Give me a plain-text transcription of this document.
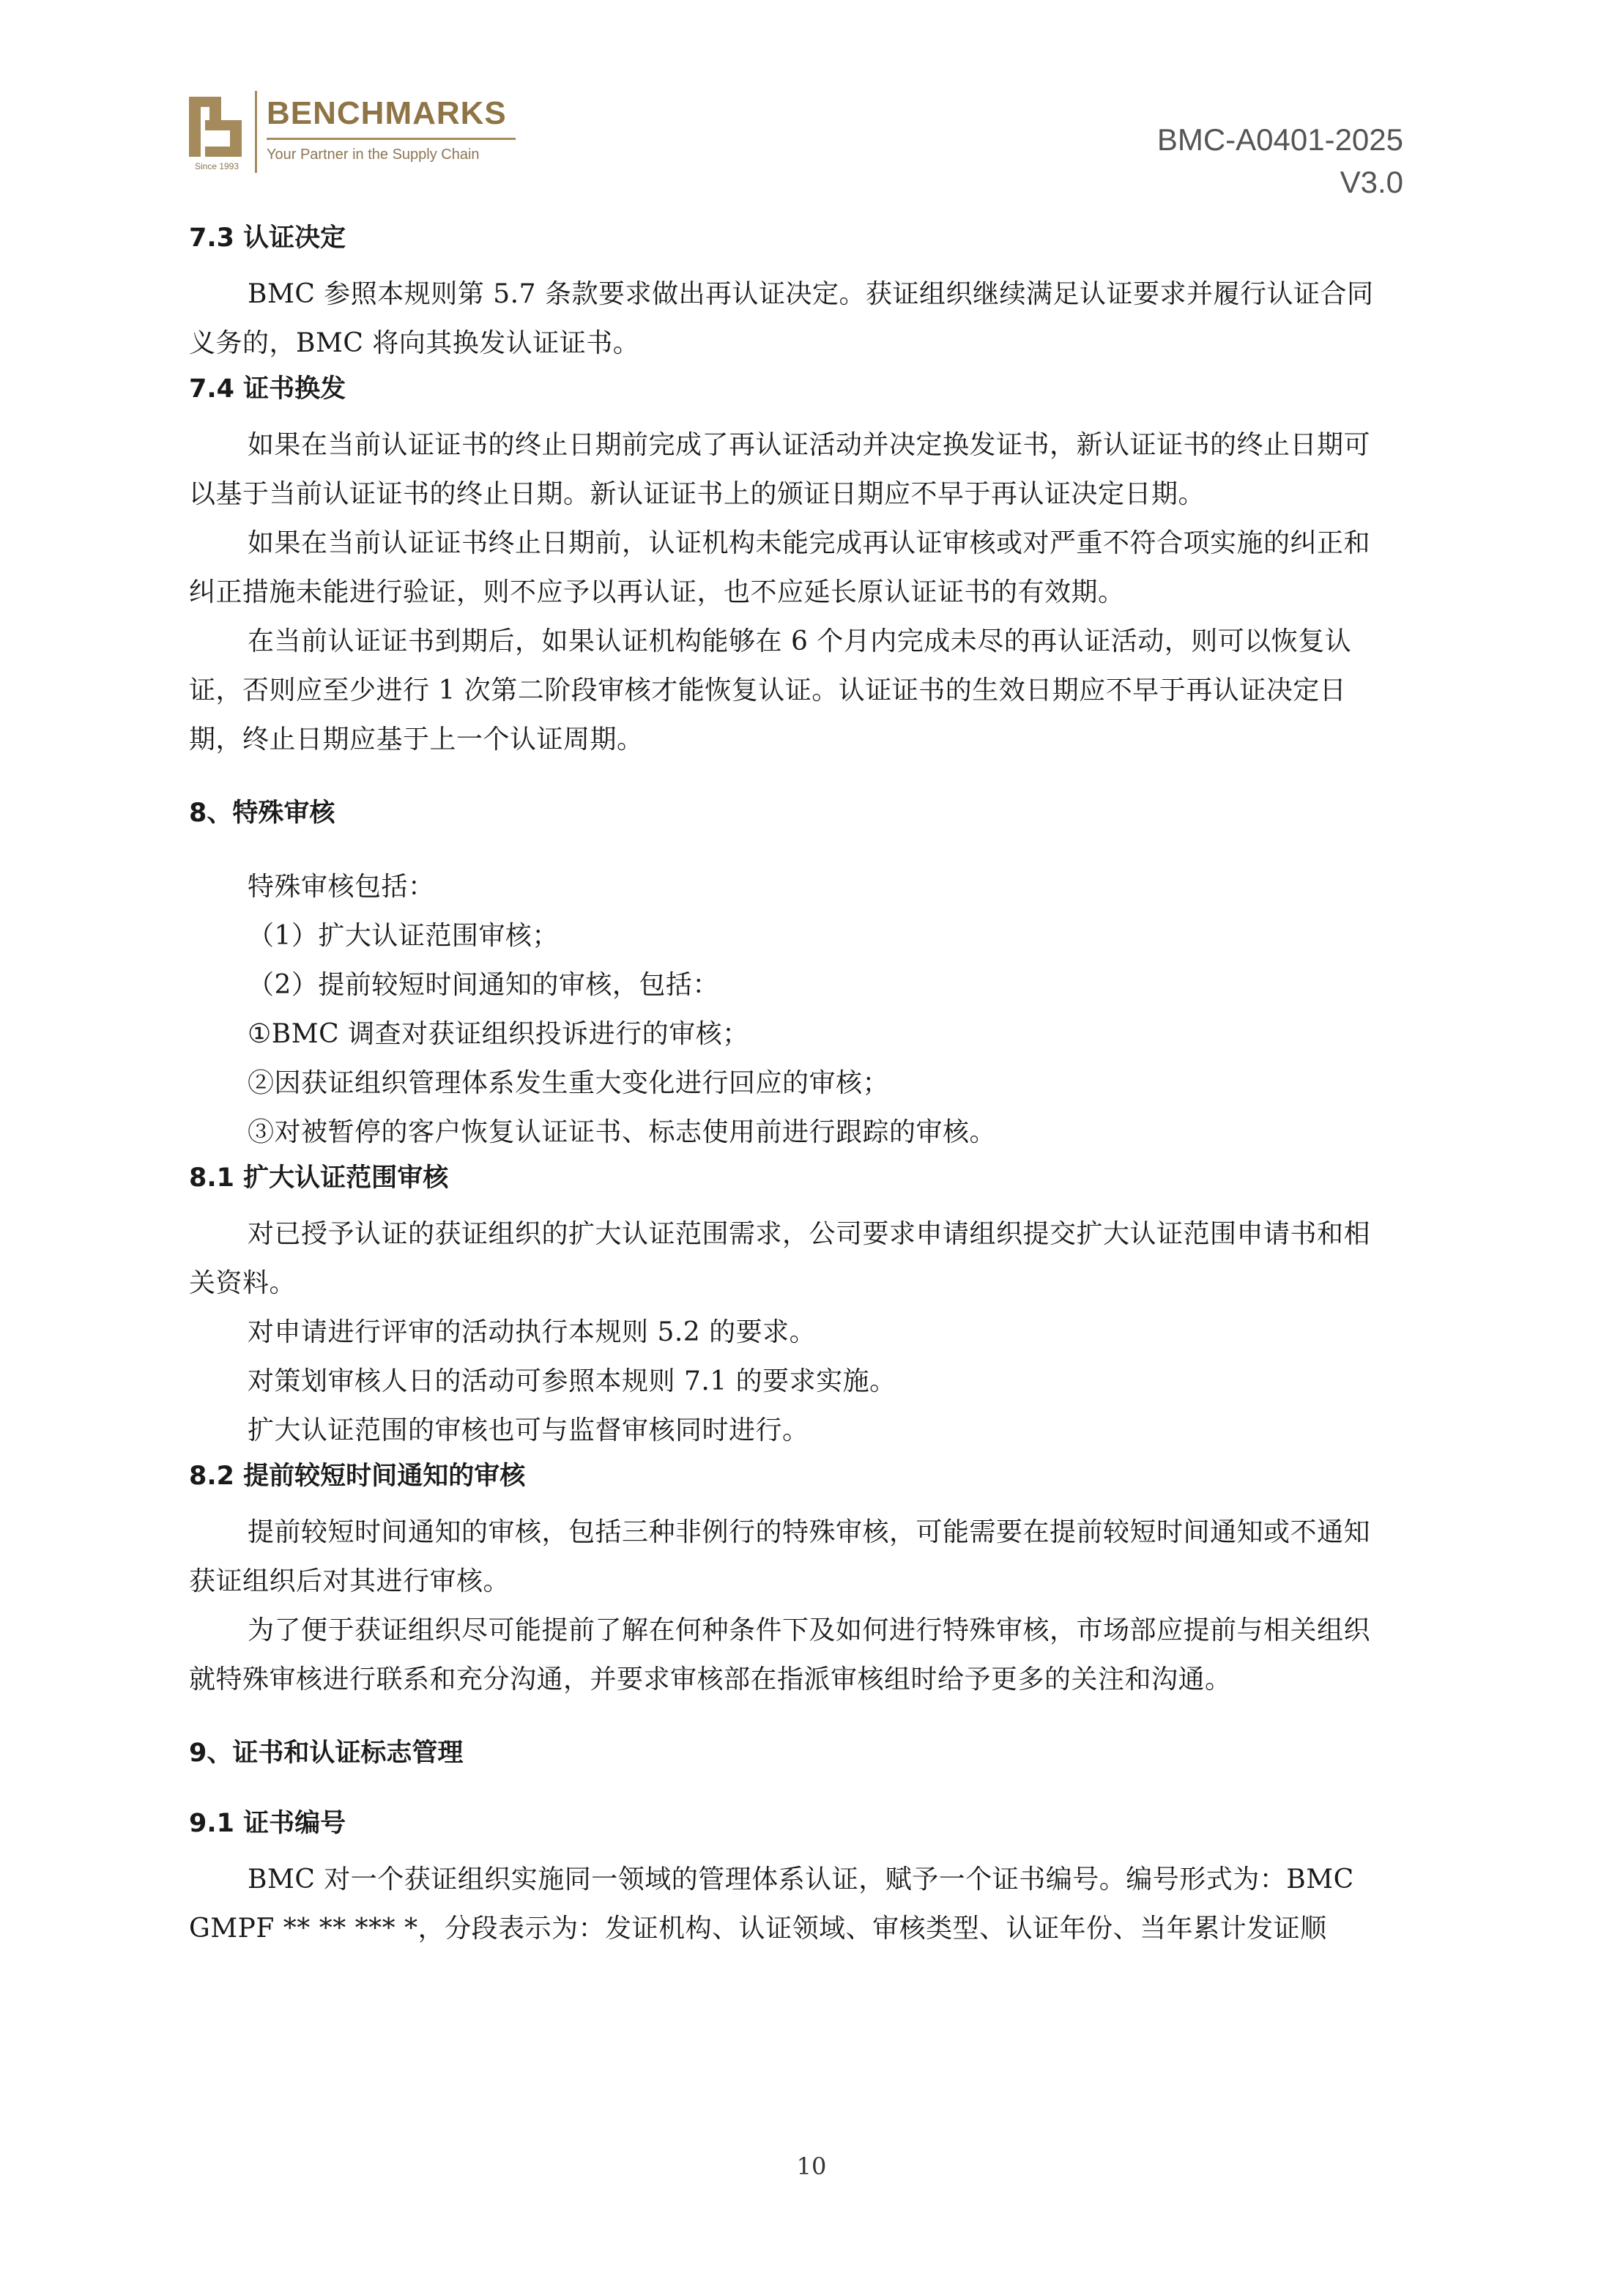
Since 1993
BENCHMARKS
Your Partner in the Supply Chain	BMC-A0401-2025
V3.0
7.3 认证决定

BMC 参照本规则第 5.7 条款要求做出再认证决定。获证组织继续满足认证要求并履行认证合同义务的，BMC 将向其换发认证证书。

7.4 证书换发

如果在当前认证证书的终止日期前完成了再认证活动并决定换发证书，新认证证书的终止日期可以基于当前认证证书的终止日期。新认证证书上的颁证日期应不早于再认证决定日期。

如果在当前认证证书终止日期前，认证机构未能完成再认证审核或对严重不符合项实施的纠正和纠正措施未能进行验证，则不应予以再认证，也不应延长原认证证书的有效期。

在当前认证证书到期后，如果认证机构能够在 6 个月内完成未尽的再认证活动，则可以恢复认证，否则应至少进行 1 次第二阶段审核才能恢复认证。认证证书的生效日期应不早于再认证决定日期，终止日期应基于上一个认证周期。

8、特殊审核

特殊审核包括：

（1）扩大认证范围审核；

（2）提前较短时间通知的审核，包括：

①BMC 调查对获证组织投诉进行的审核；

②因获证组织管理体系发生重大变化进行回应的审核；

③对被暂停的客户恢复认证证书、标志使用前进行跟踪的审核。

8.1 扩大认证范围审核

对已授予认证的获证组织的扩大认证范围需求，公司要求申请组织提交扩大认证范围申请书和相关资料。

对申请进行评审的活动执行本规则 5.2 的要求。

对策划审核人日的活动可参照本规则 7.1 的要求实施。

扩大认证范围的审核也可与监督审核同时进行。

8.2 提前较短时间通知的审核

提前较短时间通知的审核，包括三种非例行的特殊审核，可能需要在提前较短时间通知或不通知获证组织后对其进行审核。

为了便于获证组织尽可能提前了解在何种条件下及如何进行特殊审核，市场部应提前与相关组织就特殊审核进行联系和充分沟通，并要求审核部在指派审核组时给予更多的关注和沟通。

9、证书和认证标志管理
9.1 证书编号

BMC 对一个获证组织实施同一领域的管理体系认证，赋予一个证书编号。编号形式为：BMC GMPF ** ** *** *，分段表示为：发证机构、认证领域、审核类型、认证年份、当年累计发证顺

10
